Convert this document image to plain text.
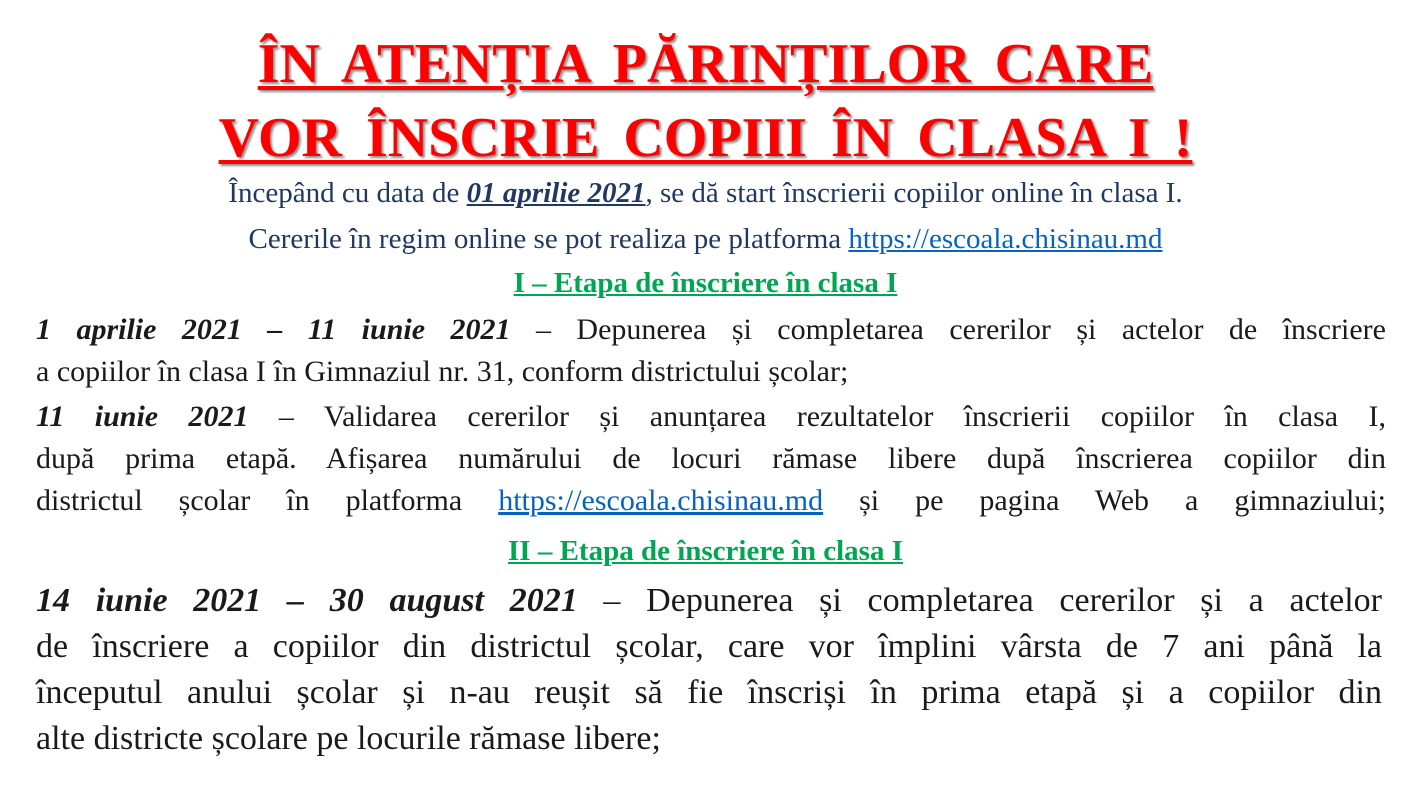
ÎN ATENȚIA PĂRINȚILOR CARE
VOR ÎNSCRIE COPIII ÎN CLASA I !
Începând cu data de 01 aprilie 2021, se dă start înscrierii copiilor online în clasa I.
Cererile în regim online se pot realiza pe platforma https://escoala.chisinau.md
I – Etapa de înscriere în clasa I
1 aprilie 2021 – 11 iunie 2021 – Depunerea și completarea cererilor și actelor de înscriere
a copiilor în clasa I în Gimnaziul nr. 31, conform districtului școlar;
11 iunie 2021 – Validarea cererilor și anunțarea rezultatelor înscrierii copiilor în clasa I,
după prima etapă. Afișarea numărului de locuri rămase libere după înscrierea copiilor din
districtul școlar în platforma https://escoala.chisinau.md și pe pagina Web a gimnaziului;
II – Etapa de înscriere în clasa I
14 iunie 2021 – 30 august 2021 – Depunerea și completarea cererilor și a actelor
de înscriere a copiilor din districtul școlar, care vor împlini vârsta de 7 ani până la
începutul anului școlar și n-au reușit să fie înscriși în prima etapă și a copiilor din
alte districte școlare pe locurile rămase libere;
